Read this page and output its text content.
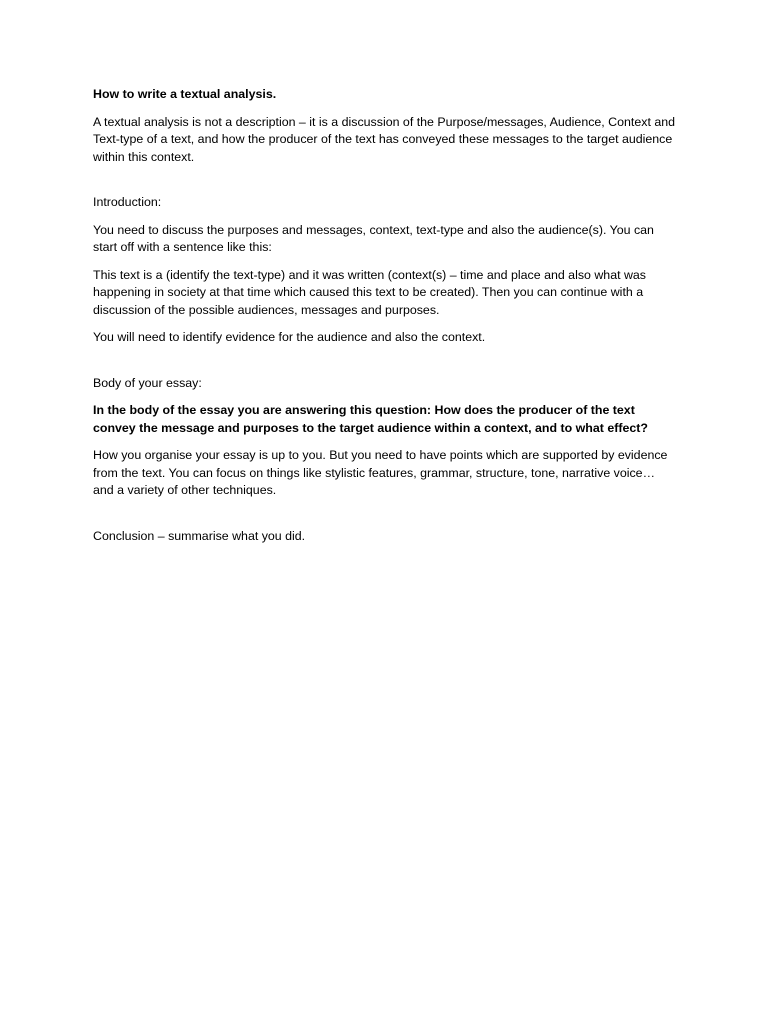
How to write a textual analysis.

A textual analysis is not a description – it is a discussion of the Purpose/messages, Audience, Context and Text-type of a text, and how the producer of the text has conveyed these messages to the target audience within this context.

Introduction:

You need to discuss the purposes and messages, context, text-type and also the audience(s). You can start off with a sentence like this:

This text is a (identify the text-type) and it was written (context(s) – time and place and also what was happening in society at that time which caused this text to be created). Then you can continue with a discussion of the possible audiences, messages and purposes.

You will need to identify evidence for the audience and also the context.

Body of your essay:

In the body of the essay you are answering this question: How does the producer of the text convey the message and purposes to the target audience within a context, and to what effect?

How you organise your essay is up to you. But you need to have points which are supported by evidence from the text. You can focus on things like stylistic features, grammar, structure, tone, narrative voice… and a variety of other techniques.

Conclusion – summarise what you did.
